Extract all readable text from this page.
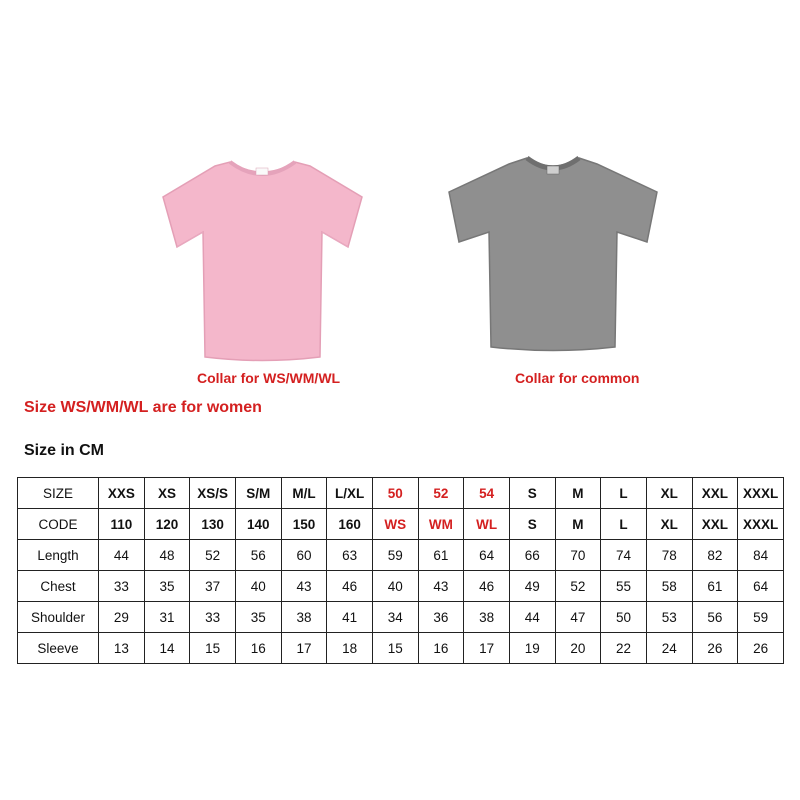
Collar for WS/WM/WL	Collar for common
Size WS/WM/WL are for women
Size in CM
SIZE	XXS	XS	XS/S	S/M	M/L	L/XL	50	52	54	S	M	L	XL	XXL	XXXL
CODE	110	120	130	140	150	160	WS	WM	WL	S	M	L	XL	XXL	XXXL
Length	44	48	52	56	60	63	59	61	64	66	70	74	78	82	84
Chest	33	35	37	40	43	46	40	43	46	49	52	55	58	61	64
Shoulder	29	31	33	35	38	41	34	36	38	44	47	50	53	56	59
Sleeve	13	14	15	16	17	18	15	16	17	19	20	22	24	26	26
